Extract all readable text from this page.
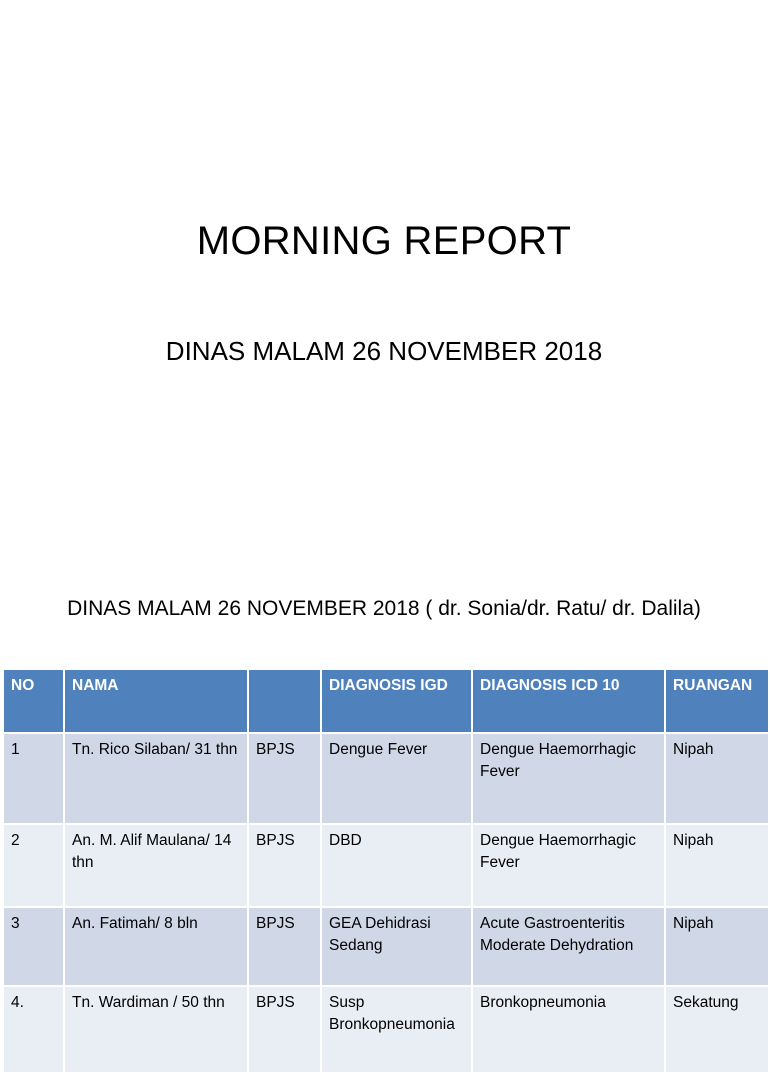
MORNING REPORT
DINAS MALAM 26 NOVEMBER 2018
DINAS MALAM 26 NOVEMBER 2018 ( dr. Sonia/dr. Ratu/ dr. Dalila)
NO	NAMA		DIAGNOSIS IGD	DIAGNOSIS ICD 10	RUANGAN
1	Tn. Rico Silaban/ 31 thn	BPJS	Dengue Fever	Dengue Haemorrhagic Fever	Nipah
2	An. M. Alif Maulana/ 14 thn	BPJS	DBD	Dengue Haemorrhagic Fever	Nipah
3	An. Fatimah/ 8 bln	BPJS	GEA Dehidrasi Sedang	Acute Gastroenteritis Moderate Dehydration	Nipah
4.	Tn. Wardiman / 50 thn	BPJS	Susp Bronkopneumonia	Bronkopneumonia	Sekatung
